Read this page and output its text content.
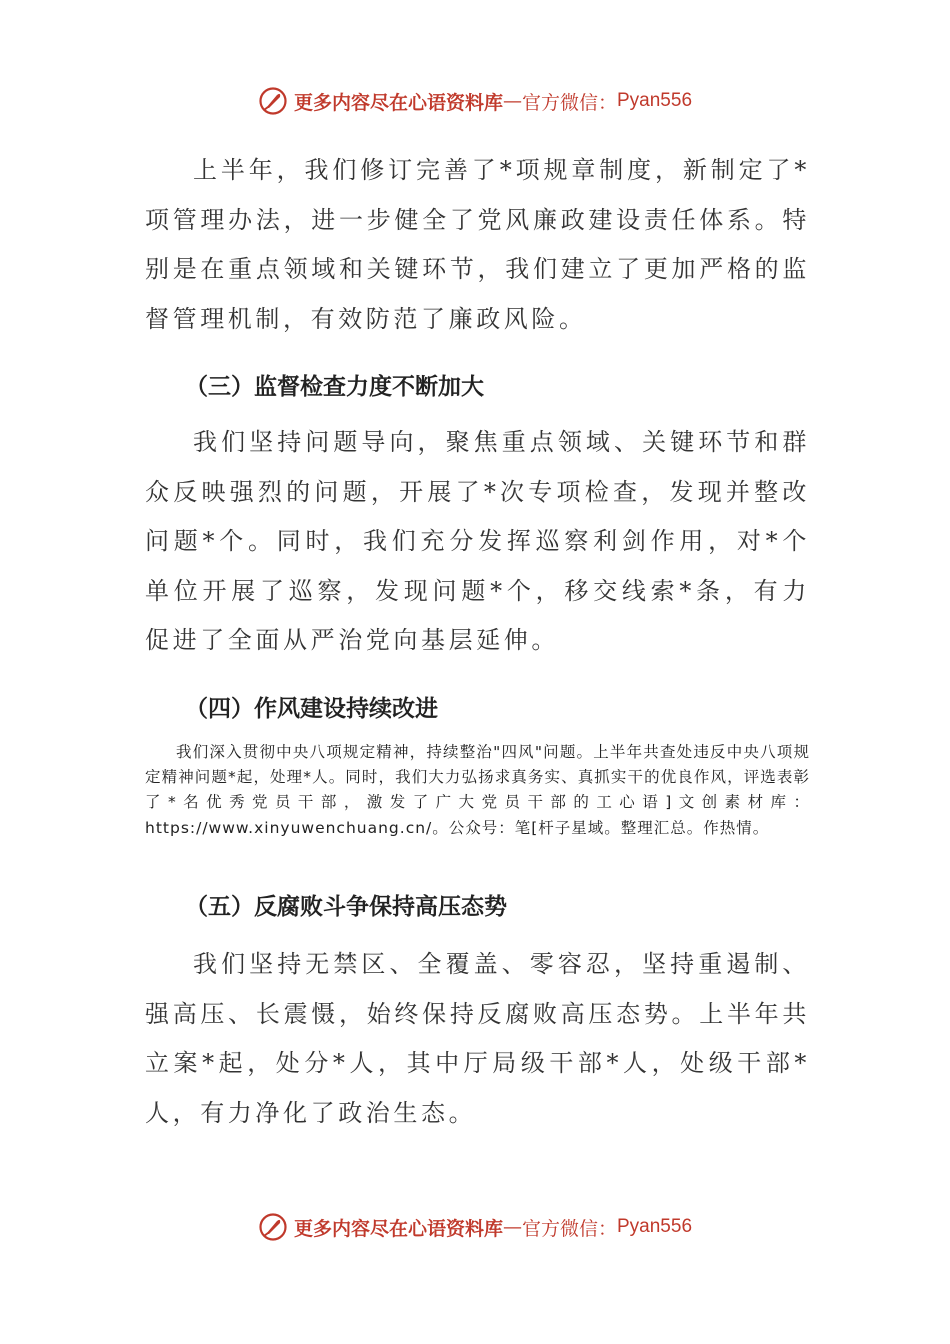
更多内容尽在心语资料库 — 官方微信： Pyan556

上半年，我们修订完善了*项规章制度，新制定了*项管理办法，进一步健全了党风廉政建设责任体系。特别是在重点领域和关键环节，我们建立了更加严格的监督管理机制，有效防范了廉政风险。

（三）监督检查力度不断加大

我们坚持问题导向，聚焦重点领域、关键环节和群众反映强烈的问题，开展了*次专项检查，发现并整改问题*个。同时，我们充分发挥巡察利剑作用，对*个单位开展了巡察，发现问题*个，移交线索*条，有力促进了全面从严治党向基层延伸。

（四）作风建设持续改进

我们深入贯彻中央八项规定精神，持续整治"四风"问题。上半年共查处违反中央八项规定精神问题*起，处理*人。同时，我们大力弘扬求真务实、真抓实干的优良作风，评选表彰了*名优秀党员干部，激发了广大党员干部的工心语]文创素材库：https://www.xinyuwenchuang.cn/。公众号：笔[杆子星域。整理汇总。作热情。

（五）反腐败斗争保持高压态势

我们坚持无禁区、全覆盖、零容忍，坚持重遏制、强高压、长震慑，始终保持反腐败高压态势。上半年共立案*起，处分*人，其中厅局级干部*人，处级干部*人，有力净化了政治生态。

更多内容尽在心语资料库 — 官方微信： Pyan556
